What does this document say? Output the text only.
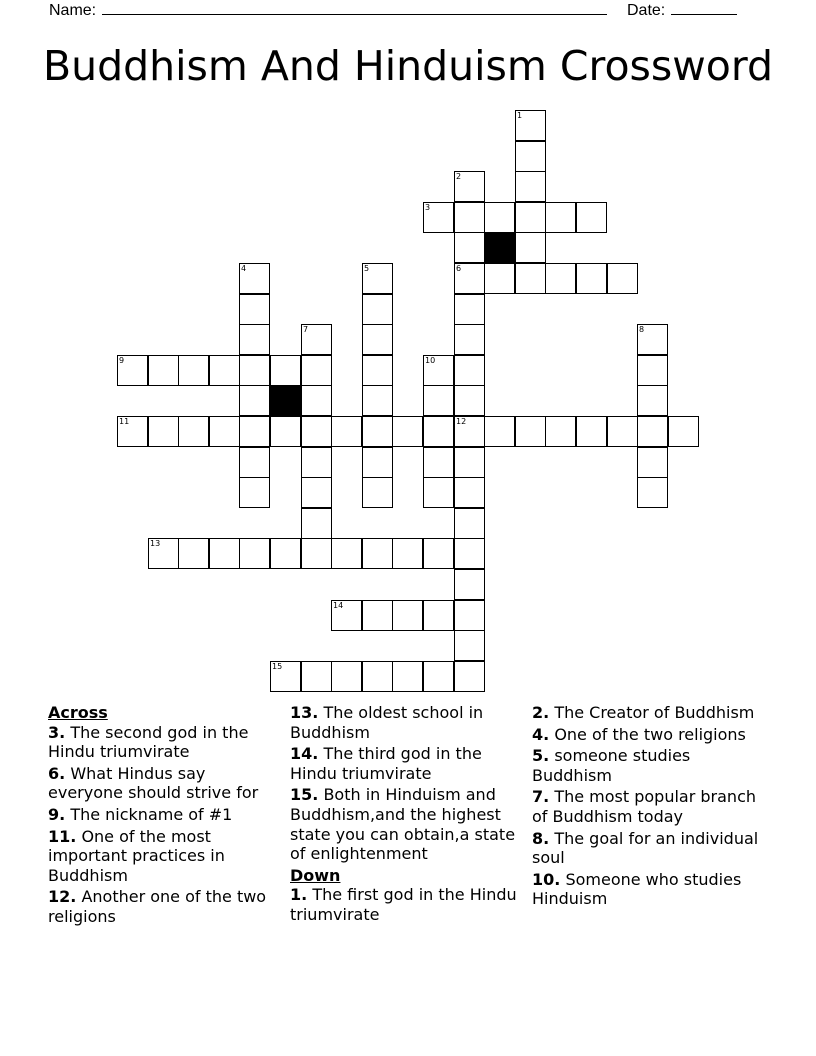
Name:	Date:
Buddhism And Hinduism Crossword
1
2
3
4	5	6
7	8
9	10
11	12
13
14
15
Across
3. The second god in the Hindu triumvirate
6. What Hindus say everyone should strive for
9. The nickname of #1
11. One of the most important practices in Buddhism
12. Another one of the two religions
13. The oldest school in Buddhism
14. The third god in the Hindu triumvirate
15. Both in Hinduism and Buddhism,and the highest state you can obtain,a state of enlightenment
Down
1. The first god in the Hindu triumvirate
2. The Creator of Buddhism
4. One of the two religions
5. someone studies Buddhism
7. The most popular branch of Buddhism today
8. The goal for an individual soul
10. Someone who studies Hinduism
